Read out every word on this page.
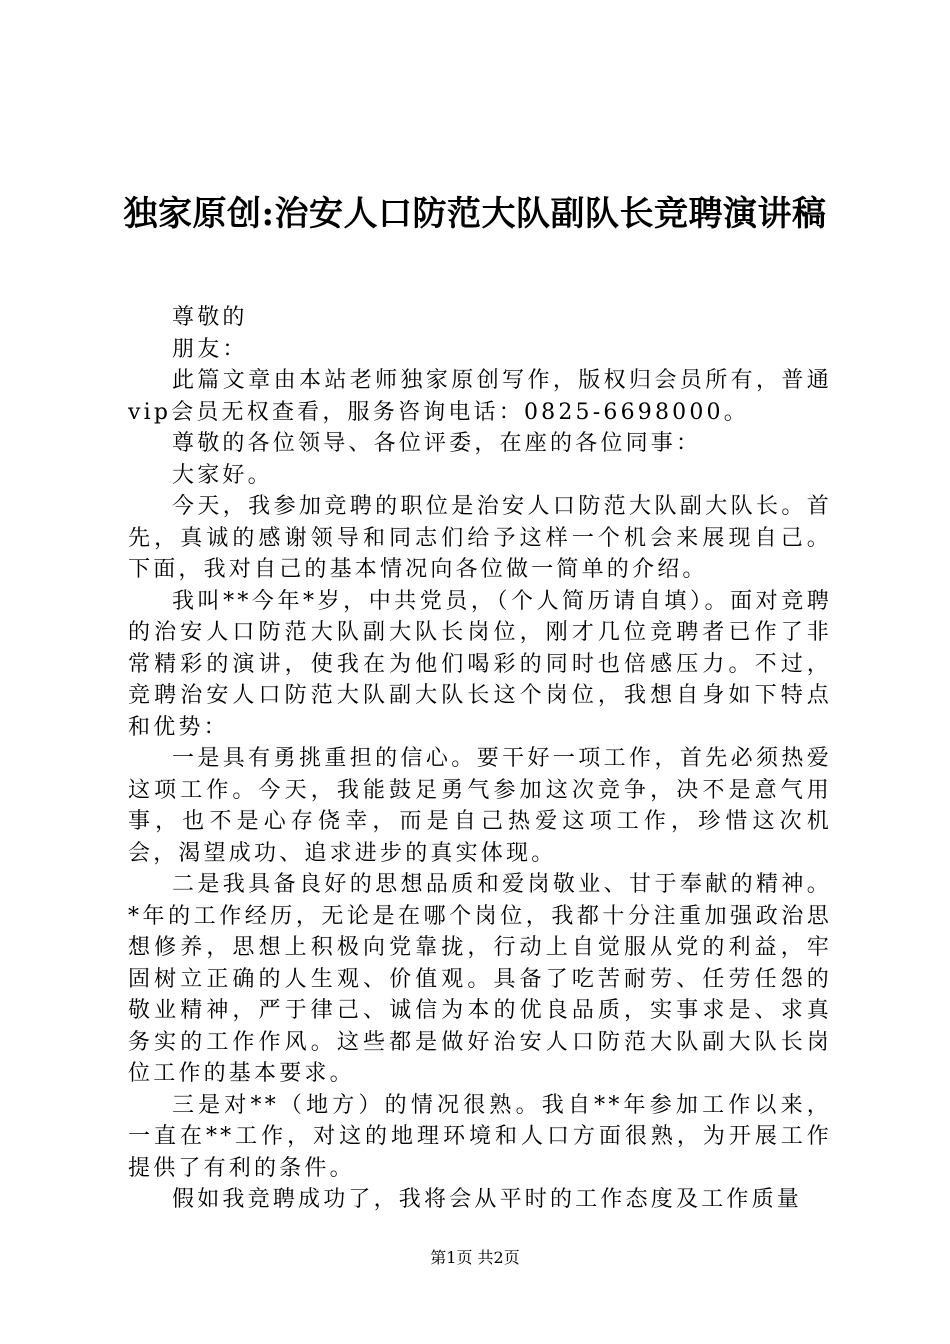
独家原创:治安人口防范大队副队长竞聘演讲稿

尊敬的

朋友：

此篇文章由本站老师独家原创写作，版权归会员所有，普通vip会员无权查看，服务咨询电话：0825-6698000。

尊敬的各位领导、各位评委，在座的各位同事：

大家好。

今天，我参加竞聘的职位是治安人口防范大队副大队长。首先，真诚的感谢领导和同志们给予这样一个机会来展现自己。下面，我对自己的基本情况向各位做一简单的介绍。

我叫**今年*岁，中共党员，（个人简历请自填）。面对竞聘的治安人口防范大队副大队长岗位，刚才几位竞聘者已作了非常精彩的演讲，使我在为他们喝彩的同时也倍感压力。不过，竞聘治安人口防范大队副大队长这个岗位，我想自身如下特点和优势：

一是具有勇挑重担的信心。要干好一项工作，首先必须热爱这项工作。今天，我能鼓足勇气参加这次竞争，决不是意气用事，也不是心存侥幸，而是自己热爱这项工作，珍惜这次机会，渴望成功、追求进步的真实体现。

二是我具备良好的思想品质和爱岗敬业、甘于奉献的精神。*年的工作经历，无论是在哪个岗位，我都十分注重加强政治思想修养，思想上积极向党靠拢，行动上自觉服从党的利益，牢固树立正确的人生观、价值观。具备了吃苦耐劳、任劳任怨的敬业精神，严于律己、诚信为本的优良品质，实事求是、求真务实的工作作风。这些都是做好治安人口防范大队副大队长岗位工作的基本要求。

三是对**（地方）的情况很熟。我自**年参加工作以来，一直在**工作，对这的地理环境和人口方面很熟，为开展工作提供了有利的条件。

假如我竞聘成功了，我将会从平时的工作态度及工作质量

第1页 共2页
